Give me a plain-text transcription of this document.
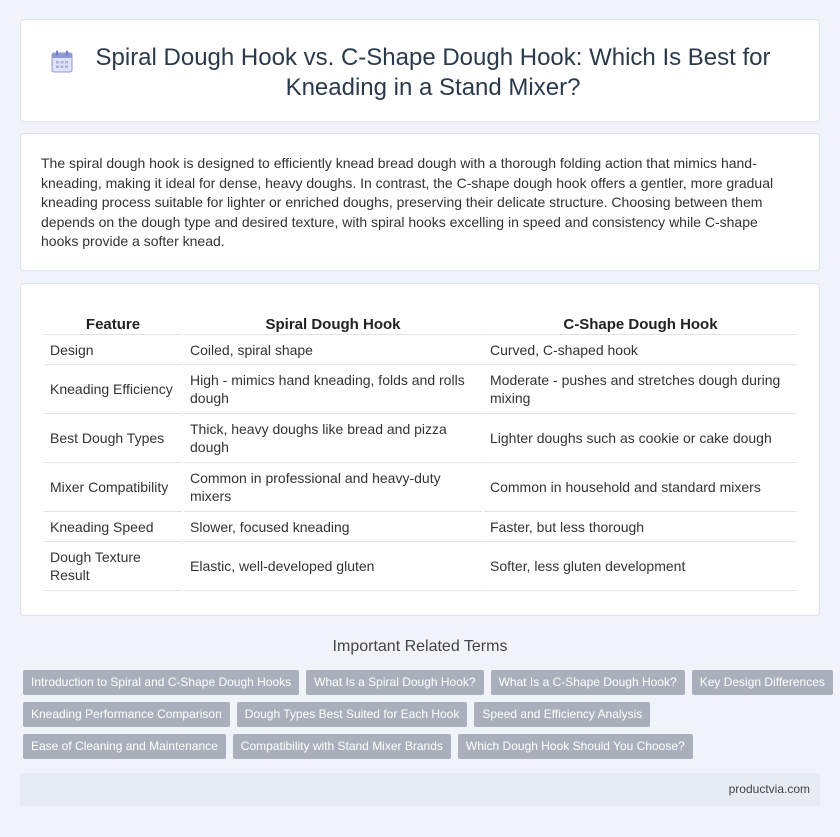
Spiral Dough Hook vs. C-Shape Dough Hook: Which Is Best for Kneading in a Stand Mixer?

The spiral dough hook is designed to efficiently knead bread dough with a thorough folding action that mimics hand-kneading, making it ideal for dense, heavy doughs. In contrast, the C-shape dough hook offers a gentler, more gradual kneading process suitable for lighter or enriched doughs, preserving their delicate structure. Choosing between them depends on the dough type and desired texture, with spiral hooks excelling in speed and consistency while C-shape hooks provide a softer knead.

Feature	Spiral Dough Hook	C-Shape Dough Hook
Design	Coiled, spiral shape	Curved, C-shaped hook
Kneading Efficiency	High - mimics hand kneading, folds and rolls dough	Moderate - pushes and stretches dough during mixing
Best Dough Types	Thick, heavy doughs like bread and pizza dough	Lighter doughs such as cookie or cake dough
Mixer Compatibility	Common in professional and heavy-duty mixers	Common in household and standard mixers
Kneading Speed	Slower, focused kneading	Faster, but less thorough
Dough Texture Result	Elastic, well-developed gluten	Softer, less gluten development
Important Related Terms
Introduction to Spiral and C-Shape Dough Hooks	What Is a Spiral Dough Hook?	What Is a C-Shape Dough Hook?	Key Design Differences
Kneading Performance Comparison	Dough Types Best Suited for Each Hook	Speed and Efficiency Analysis
Ease of Cleaning and Maintenance	Compatibility with Stand Mixer Brands	Which Dough Hook Should You Choose?
productvia.com
